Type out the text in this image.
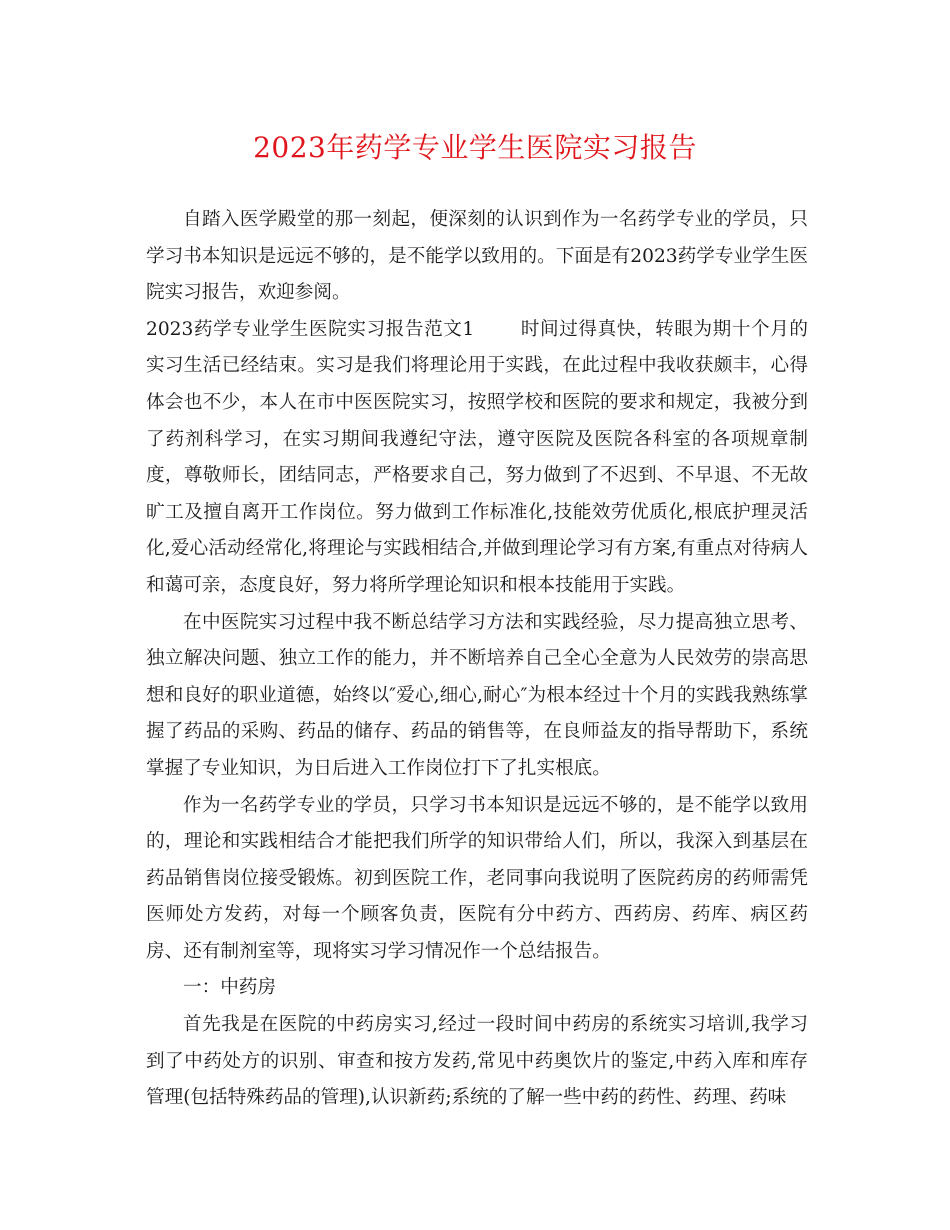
2023年药学专业学生医院实习报告

自踏入医学殿堂的那一刻起，便深刻的认识到作为一名药学专业的学员，只学习书本知识是远远不够的，是不能学以致用的。下面是有2023药学专业学生医院实习报告，欢迎参阅。

2023药学专业学生医院实习报告范文1 时间过得真快，转眼为期十个月的实习生活已经结束。实习是我们将理论用于实践，在此过程中我收获颇丰，心得体会也不少，本人在市中医医院实习，按照学校和医院的要求和规定，我被分到了药剂科学习，在实习期间我遵纪守法，遵守医院及医院各科室的各项规章制度，尊敬师长，团结同志，严格要求自己，努力做到了不迟到、不早退、不无故旷工及擅自离开工作岗位。努力做到工作标准化,技能效劳优质化,根底护理灵活化,爱心活动经常化,将理论与实践相结合,并做到理论学习有方案,有重点对待病人和蔼可亲，态度良好，努力将所学理论知识和根本技能用于实践。

在中医院实习过程中我不断总结学习方法和实践经验，尽力提高独立思考、独立解决问题、独立工作的能力，并不断培养自己全心全意为人民效劳的崇高思想和良好的职业道德，始终以″爱心,细心,耐心″为根本经过十个月的实践我熟练掌握了药品的采购、药品的储存、药品的销售等，在良师益友的指导帮助下，系统掌握了专业知识，为日后进入工作岗位打下了扎实根底。

作为一名药学专业的学员，只学习书本知识是远远不够的，是不能学以致用的，理论和实践相结合才能把我们所学的知识带给人们，所以，我深入到基层在药品销售岗位接受锻炼。初到医院工作，老同事向我说明了医院药房的药师需凭医师处方发药，对每一个顾客负责，医院有分中药方、西药房、药库、病区药房、还有制剂室等，现将实习学习情况作一个总结报告。

一：中药房

首先我是在医院的中药房实习,经过一段时间中药房的系统实习培训,我学习到了中药处方的识别、审查和按方发药,常见中药奥饮片的鉴定,中药入库和库存管理(包括特殊药品的管理),认识新药;系统的了解一些中药的药性、药理、药味
